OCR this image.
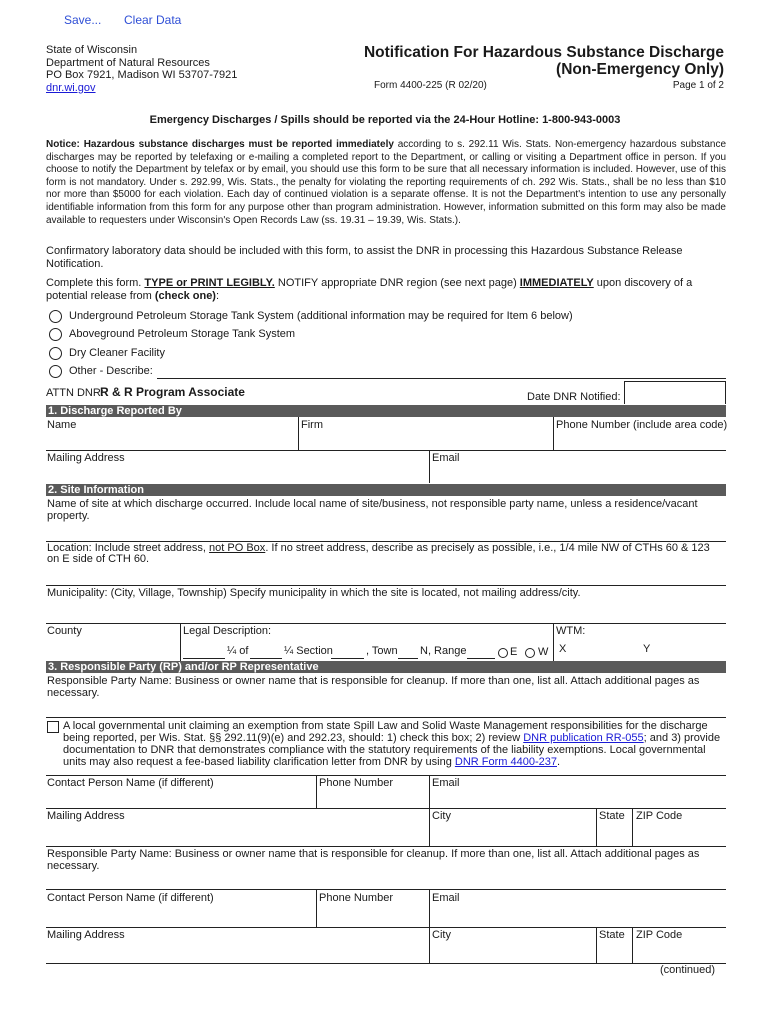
Save... Clear Data
State of Wisconsin
Department of Natural Resources
PO Box 7921, Madison WI 53707-7921
dnr.wi.gov
Notification For Hazardous Substance Discharge
(Non-Emergency Only)
Form 4400-225 (R 02/20)	Page 1 of 2
Emergency Discharges / Spills should be reported via the 24-Hour Hotline: 1-800-943-0003
Notice: Hazardous substance discharges must be reported immediately according to s. 292.11 Wis. Stats. Non-emergency hazardous substance discharges may be reported by telefaxing or e-mailing a completed report to the Department, or calling or visiting a Department office in person. If you choose to notify the Department by telefax or by email, you should use this form to be sure that all necessary information is included. However, use of this form is not mandatory. Under s. 292.99, Wis. Stats., the penalty for violating the reporting requirements of ch. 292 Wis. Stats., shall be no less than $10 nor more than $5000 for each violation. Each day of continued violation is a separate offense. It is not the Department's intention to use any personally identifiable information from this form for any purpose other than program administration. However, information submitted on this form may also be made available to requesters under Wisconsin's Open Records Law (ss. 19.31 – 19.39, Wis. Stats.).
Confirmatory laboratory data should be included with this form, to assist the DNR in processing this Hazardous Substance Release Notification.
Complete this form. TYPE or PRINT LEGIBLY. NOTIFY appropriate DNR region (see next page) IMMEDIATELY upon discovery of a potential release from (check one):
Underground Petroleum Storage Tank System (additional information may be required for Item 6 below)
Aboveground Petroleum Storage Tank System
Dry Cleaner Facility
Other - Describe:
ATTN DNR:
R & R Program Associate	Date DNR Notified:
1. Discharge Reported By
Name	Firm	Phone Number (include area code)
Mailing Address	Email
2. Site Information
Name of site at which discharge occurred. Include local name of site/business, not responsible party name, unless a residence/vacant property.
Location: Include street address, not PO Box. If no street address, describe as precisely as possible, i.e., 1/4 mile NW of CTHs 60 & 123 on E side of CTH 60.
Municipality: (City, Village, Township) Specify municipality in which the site is located, not mailing address/city.
County	Legal Description:	WTM:
¼ of	¼ Section	, Town N, Range	E W X	Y
3. Responsible Party (RP) and/or RP Representative
Responsible Party Name: Business or owner name that is responsible for cleanup. If more than one, list all. Attach additional pages as necessary.
A local governmental unit claiming an exemption from state Spill Law and Solid Waste Management responsibilities for the discharge being reported, per Wis. Stat. §§ 292.11(9)(e) and 292.23, should: 1) check this box; 2) review DNR publication RR-055; and 3) provide documentation to DNR that demonstrates compliance with the statutory requirements of the liability exemptions. Local governmental units may also request a fee-based liability clarification letter from DNR by using DNR Form 4400-237.
Contact Person Name (if different)	Phone Number	Email
Mailing Address	City	State ZIP Code
Responsible Party Name: Business or owner name that is responsible for cleanup. If more than one, list all. Attach additional pages as necessary.
Contact Person Name (if different)	Phone Number	Email
Mailing Address	City	State ZIP Code
(continued)
